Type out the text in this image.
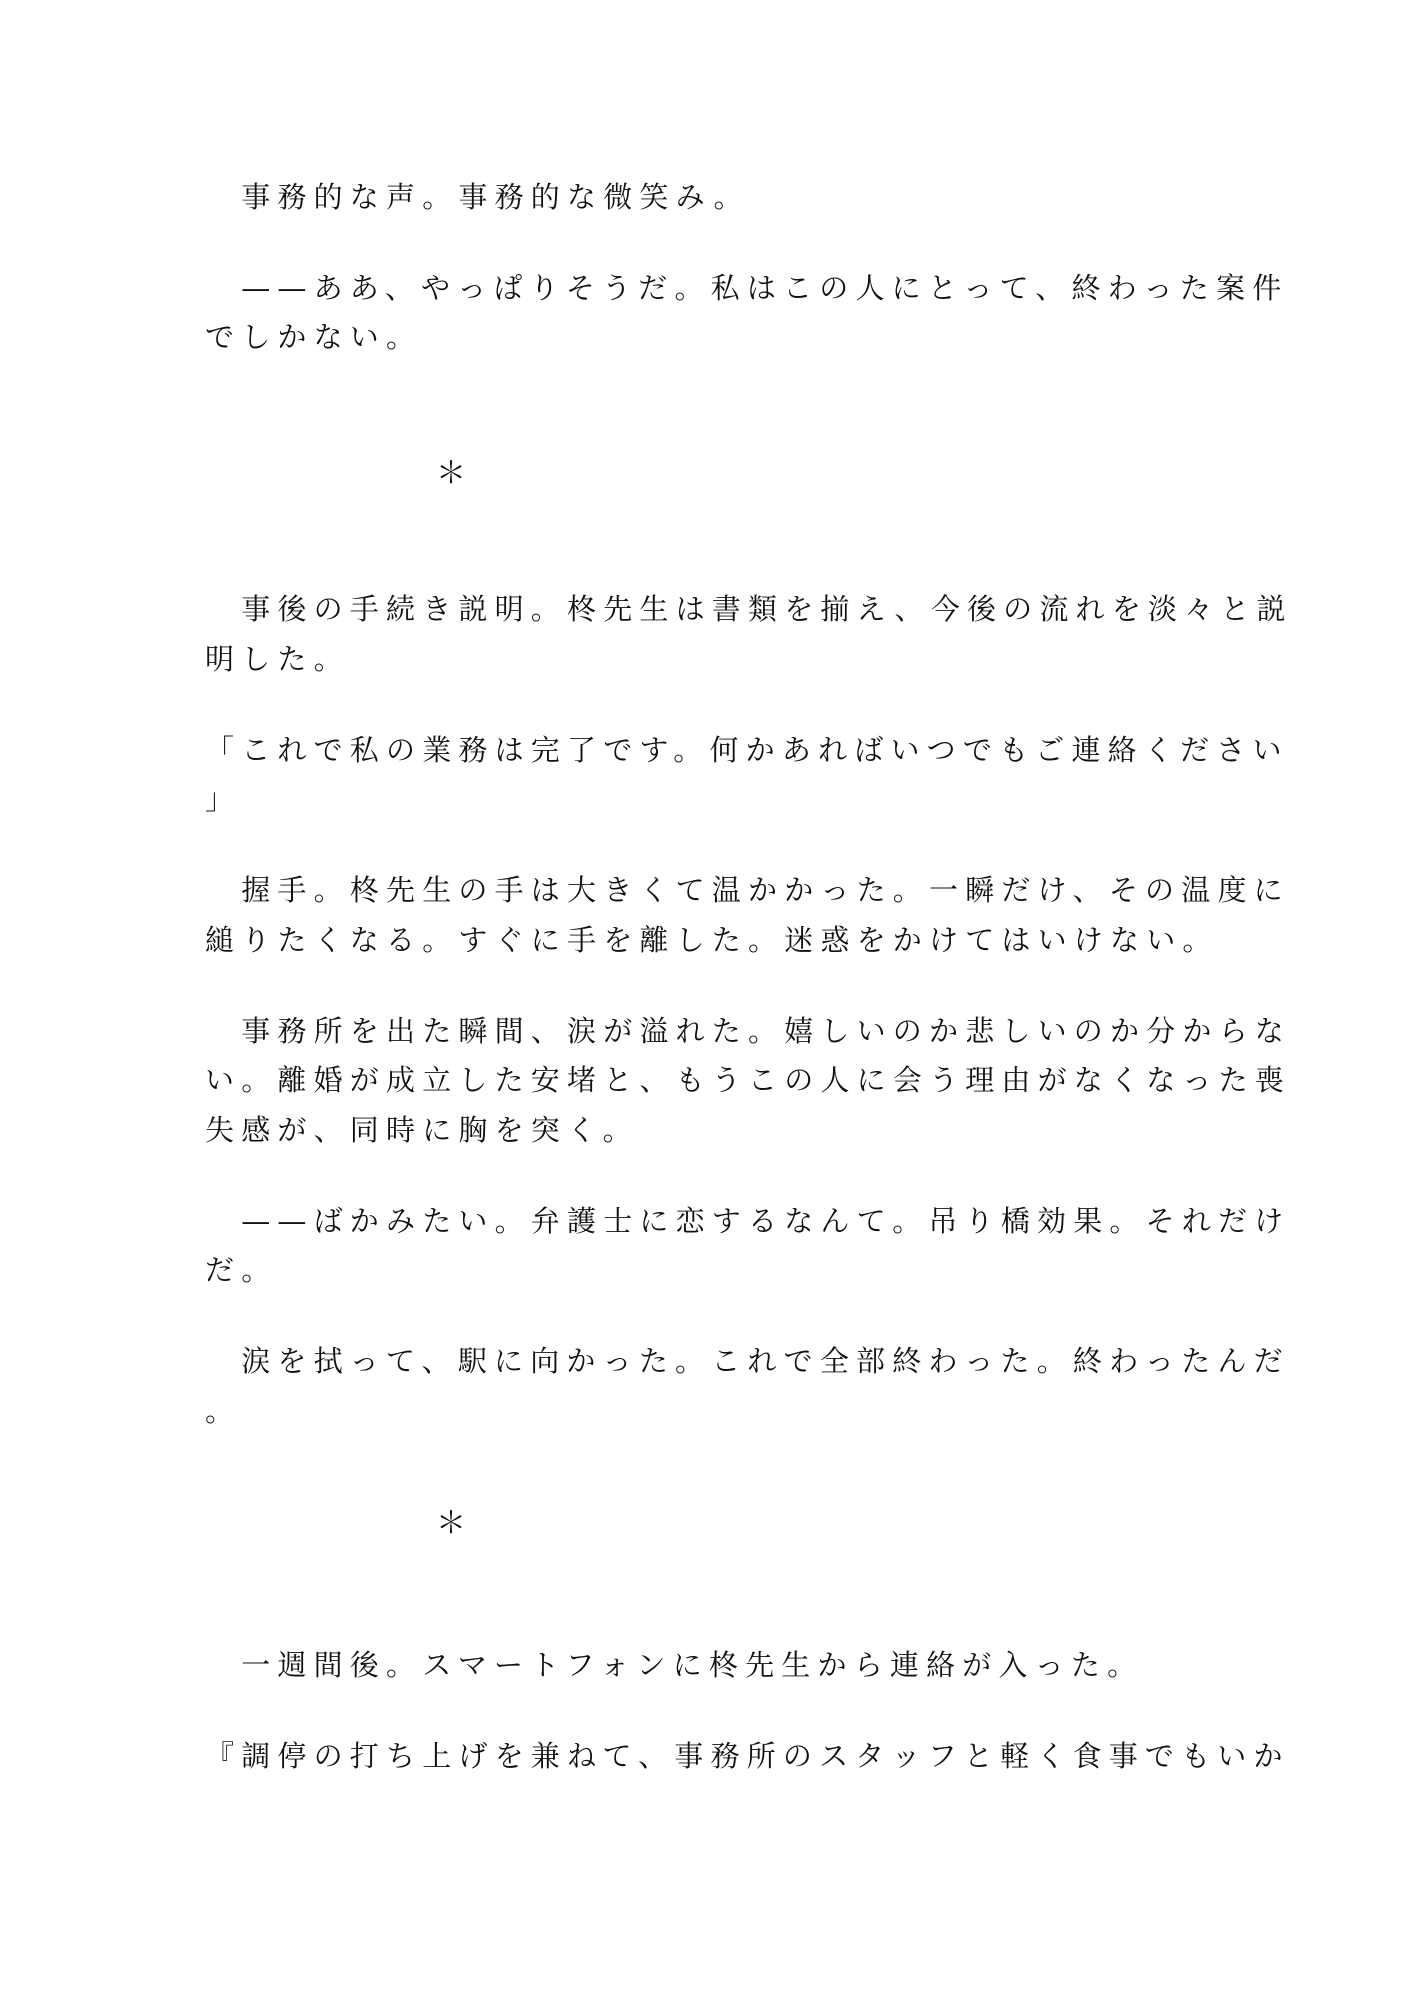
　事務的な声。事務的な微笑み。
　——ああ、やっぱりそうだ。私はこの人にとって、終わった案件
でしかない。
＊
　事後の手続き説明。柊先生は書類を揃え、今後の流れを淡々と説
明した。
「これで私の業務は完了です。何かあればいつでもご連絡ください
」
　握手。柊先生の手は大きくて温かかった。一瞬だけ、その温度に
縋りたくなる。すぐに手を離した。迷惑をかけてはいけない。
　事務所を出た瞬間、涙が溢れた。嬉しいのか悲しいのか分からな
い。離婚が成立した安堵と、もうこの人に会う理由がなくなった喪
失感が、同時に胸を突く。
　——ばかみたい。弁護士に恋するなんて。吊り橋効果。それだけ
だ。
　涙を拭って、駅に向かった。これで全部終わった。終わったんだ
。
＊
　一週間後。スマートフォンに柊先生から連絡が入った。
『調停の打ち上げを兼ねて、事務所のスタッフと軽く食事でもいか
